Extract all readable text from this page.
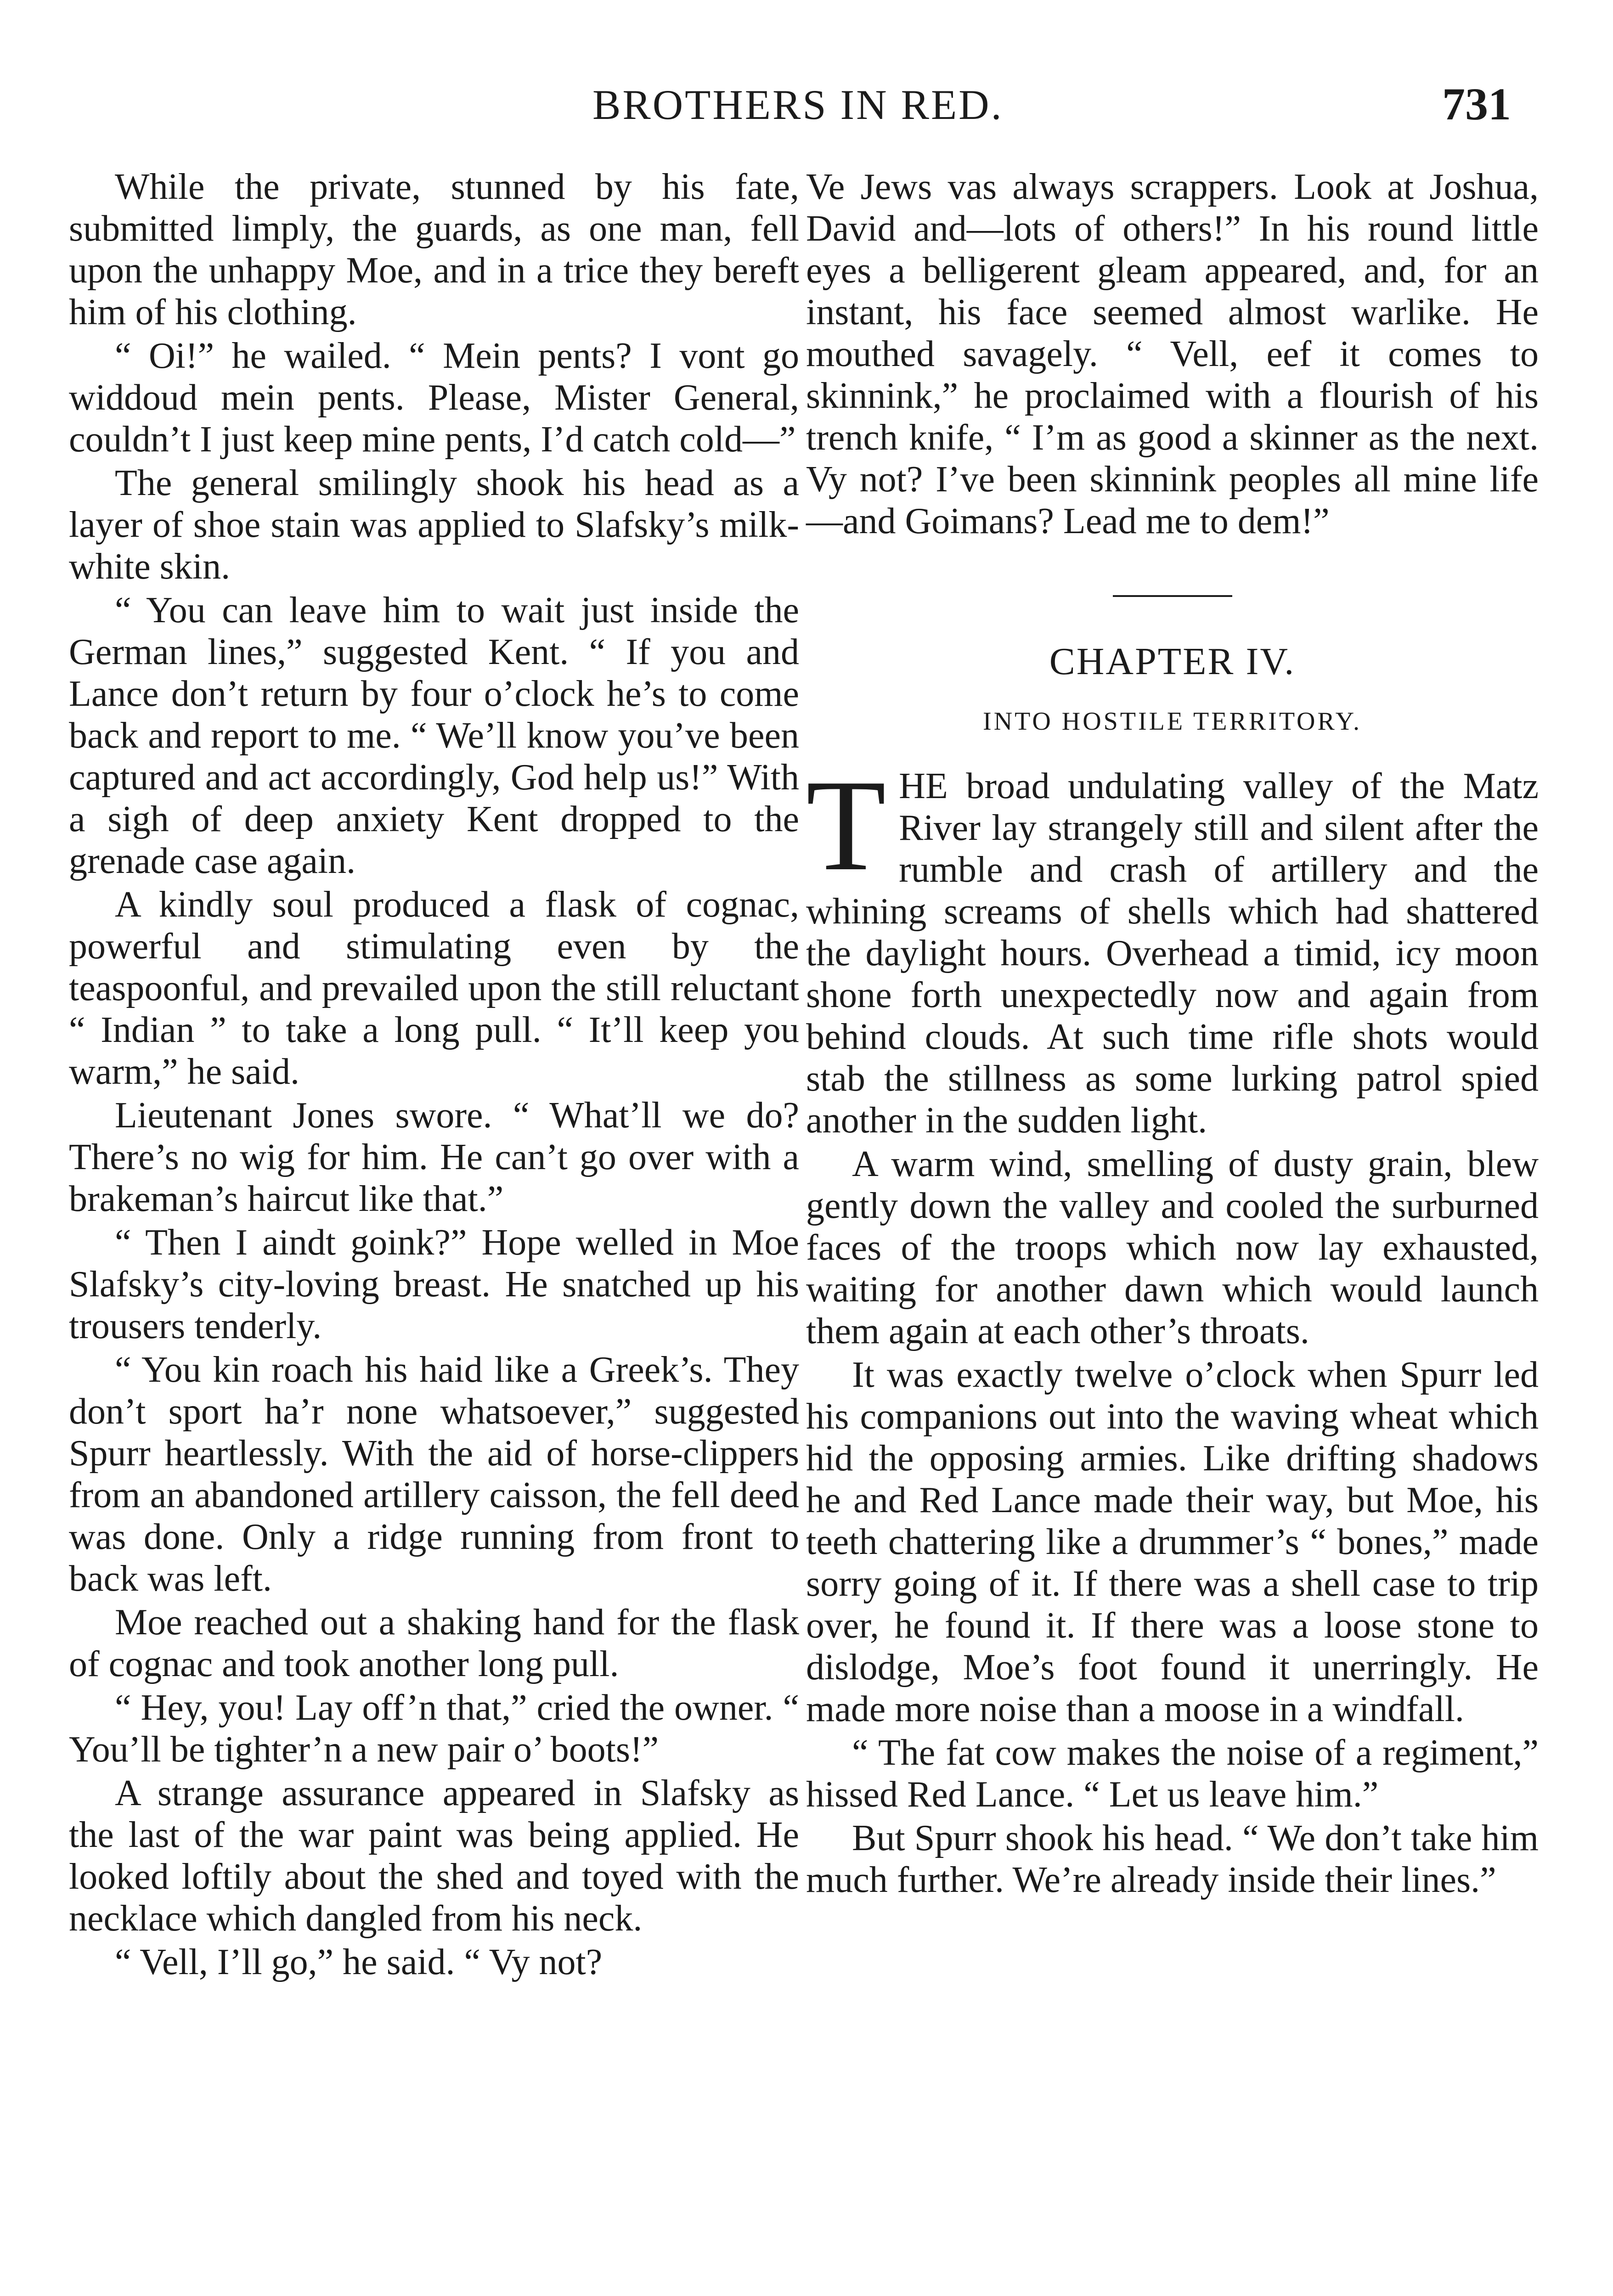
BROTHERS IN RED.	731

While the private, stunned by his fate, submitted limply, the guards, as one man, fell upon the unhappy Moe, and in a trice they bereft him of his clothing.

“ Oi!” he wailed. “ Mein pents? I vont go widdoud mein pents. Please, Mister General, couldn’t I just keep mine pents, I’d catch cold—”

The general smilingly shook his head as a layer of shoe stain was applied to Slafsky’s milk-white skin.

“ You can leave him to wait just inside the German lines,” suggested Kent. “ If you and Lance don’t return by four o’clock he’s to come back and report to me. “ We’ll know you’ve been captured and act accordingly, God help us!” With a sigh of deep anxiety Kent dropped to the grenade case again.

A kindly soul produced a flask of cognac, powerful and stimulating even by the teaspoonful, and prevailed upon the still reluctant “ Indian ” to take a long pull. “ It’ll keep you warm,” he said.

Lieutenant Jones swore. “ What’ll we do? There’s no wig for him. He can’t go over with a brakeman’s haircut like that.”

“ Then I aindt goink?” Hope welled in Moe Slafsky’s city-loving breast. He snatched up his trousers tenderly.

“ You kin roach his haid like a Greek’s. They don’t sport ha’r none whatsoever,” suggested Spurr heartlessly. With the aid of horse-clippers from an abandoned artillery caisson, the fell deed was done. Only a ridge running from front to back was left.

Moe reached out a shaking hand for the flask of cognac and took another long pull.

“ Hey, you! Lay off’n that,” cried the owner. “ You’ll be tighter’n a new pair o’ boots!”

A strange assurance appeared in Slafsky as the last of the war paint was being applied. He looked loftily about the shed and toyed with the necklace which dangled from his neck.

“ Vell, I’ll go,” he said. “ Vy not?

Ve Jews vas always scrappers. Look at Joshua, David and—lots of others!” In his round little eyes a belligerent gleam appeared, and, for an instant, his face seemed almost warlike. He mouthed savagely. “ Vell, eef it comes to skinnink,” he proclaimed with a flourish of his trench knife, “ I’m as good a skinner as the next. Vy not? I’ve been skinnink peoples all mine life —and Goimans? Lead me to dem!”

CHAPTER IV.
INTO HOSTILE TERRITORY.

THE broad undulating valley of the Matz River lay strangely still and silent after the rumble and crash of artillery and the whining screams of shells which had shattered the daylight hours. Overhead a timid, icy moon shone forth unexpectedly now and again from behind clouds. At such time rifle shots would stab the stillness as some lurking patrol spied another in the sudden light.

A warm wind, smelling of dusty grain, blew gently down the valley and cooled the surburned faces of the troops which now lay exhausted, waiting for another dawn which would launch them again at each other’s throats.

It was exactly twelve o’clock when Spurr led his companions out into the waving wheat which hid the opposing armies. Like drifting shadows he and Red Lance made their way, but Moe, his teeth chattering like a drummer’s “ bones,” made sorry going of it. If there was a shell case to trip over, he found it. If there was a loose stone to dislodge, Moe’s foot found it unerringly. He made more noise than a moose in a windfall.

“ The fat cow makes the noise of a regiment,” hissed Red Lance. “ Let us leave him.”

But Spurr shook his head. “ We don’t take him much further. We’re already inside their lines.”
